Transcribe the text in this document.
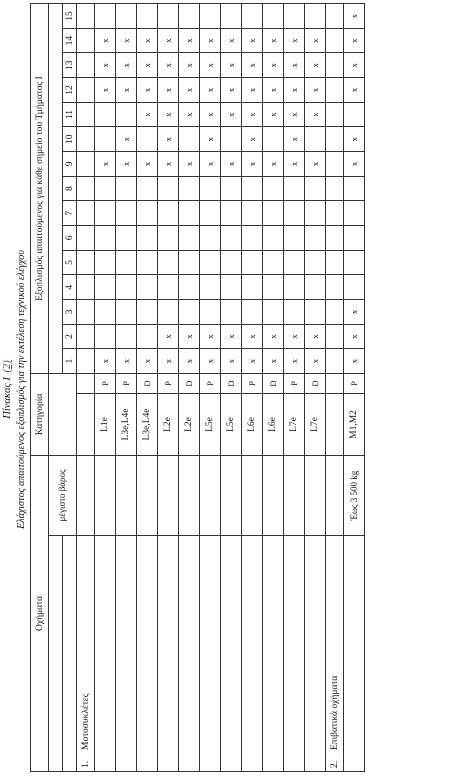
Πίνακας I (2) Ελάχιστος απαιτούμενος εξοπλισμός για την εκτέλεση τεχνικού ελέγχου
Οχήματα		Κατηγορία		Εξοπλισμός απαιτούμενος για κάθε σημείο του Τμήματος I														
	μέγιστο βάρος																	
				1	2	3	4	5	6	7	8	9	10	11	12	13	14	15
1.Μοτοσυκλέτες																		
		L1e	P	x								x			x	x	x	
		L3e,L4e	P	x								x	x		x	x	x	
		L3e,L4e	D	x								x		x	x	x	x	
		L2e	P	x	x							x	x	x	x	x	x	
		L2e	D	x	x							x		x	x	x	x	
		L5e	P	x	x							x	x	x	x	x	x	
		L5e	D	x	x							x		x	x	x	x	
		L6e	P	x	x							x	x	x	x	x	x	
		L6e	D	x	x							x		x	x	x	x	
		L7e	P	x	x							x	x	x	x	x	x	
		L7e	D	x	x							x		x	x	x	x	
2.Επιβατικά οχήματα																		
	Έως 3 500 kg	M1,M2	P	x	x	x						x	x		x	x	x	x
